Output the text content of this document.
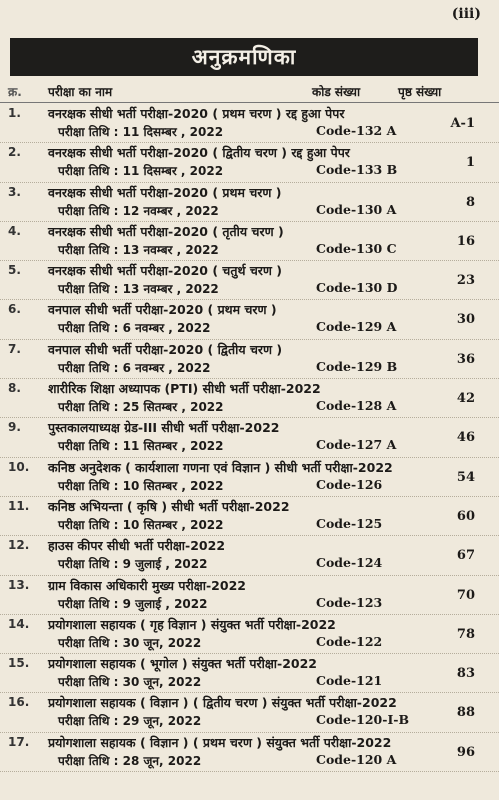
(iii)
अनुक्रमणिका
क्र. परीक्षा का नाम	कोड संख्या	पृष्ठ संख्या
1.	वनरक्षक सीधी भर्ती परीक्षा-2020 ( प्रथम चरण ) रद्द हुआ पेपर
परीक्षा तिथि : 11 दिसम्बर , 2022	Code-132 A	A-1
2.	वनरक्षक सीधी भर्ती परीक्षा-2020 ( द्वितीय चरण ) रद्द हुआ पेपर
परीक्षा तिथि : 11 दिसम्बर , 2022	Code-133 B	1
3.	वनरक्षक सीधी भर्ती परीक्षा-2020 ( प्रथम चरण )
परीक्षा तिथि : 12 नवम्बर , 2022	Code-130 A	8
4.	वनरक्षक सीधी भर्ती परीक्षा-2020 ( तृतीय चरण )
परीक्षा तिथि : 13 नवम्बर , 2022	Code-130 C	16
5.	वनरक्षक सीधी भर्ती परीक्षा-2020 ( चतुर्थ चरण )
परीक्षा तिथि : 13 नवम्बर , 2022	Code-130 D	23
6.	वनपाल सीधी भर्ती परीक्षा-2020 ( प्रथम चरण )
परीक्षा तिथि : 6 नवम्बर , 2022	Code-129 A	30
7.	वनपाल सीधी भर्ती परीक्षा-2020 ( द्वितीय चरण )
परीक्षा तिथि : 6 नवम्बर , 2022	Code-129 B	36
8.	शारीरिक शिक्षा अध्यापक (PTI) सीधी भर्ती परीक्षा-2022
परीक्षा तिथि : 25 सितम्बर , 2022	Code-128 A	42
9.	पुस्तकालयाध्यक्ष ग्रेड-III सीधी भर्ती परीक्षा-2022
परीक्षा तिथि : 11 सितम्बर , 2022	Code-127 A	46
10.	कनिष्ठ अनुदेशक ( कार्यशाला गणना एवं विज्ञान ) सीधी भर्ती परीक्षा-2022
परीक्षा तिथि : 10 सितम्बर , 2022	Code-126	54
11.	कनिष्ठ अभियन्ता ( कृषि ) सीधी भर्ती परीक्षा-2022
परीक्षा तिथि : 10 सितम्बर , 2022	Code-125	60
12.	हाउस कीपर सीधी भर्ती परीक्षा-2022
परीक्षा तिथि : 9 जुलाई , 2022	Code-124	67
13.	ग्राम विकास अधिकारी मुख्य परीक्षा-2022
परीक्षा तिथि : 9 जुलाई , 2022	Code-123	70
14.	प्रयोगशाला सहायक ( गृह विज्ञान ) संयुक्त भर्ती परीक्षा-2022
परीक्षा तिथि : 30 जून, 2022	Code-122	78
15.	प्रयोगशाला सहायक ( भूगोल ) संयुक्त भर्ती परीक्षा-2022
परीक्षा तिथि : 30 जून, 2022	Code-121	83
16.	प्रयोगशाला सहायक ( विज्ञान ) ( द्वितीय चरण ) संयुक्त भर्ती परीक्षा-2022
परीक्षा तिथि : 29 जून, 2022	Code-120-I-B	88
17.	प्रयोगशाला सहायक ( विज्ञान ) ( प्रथम चरण ) संयुक्त भर्ती परीक्षा-2022
परीक्षा तिथि : 28 जून, 2022	Code-120 A	96
